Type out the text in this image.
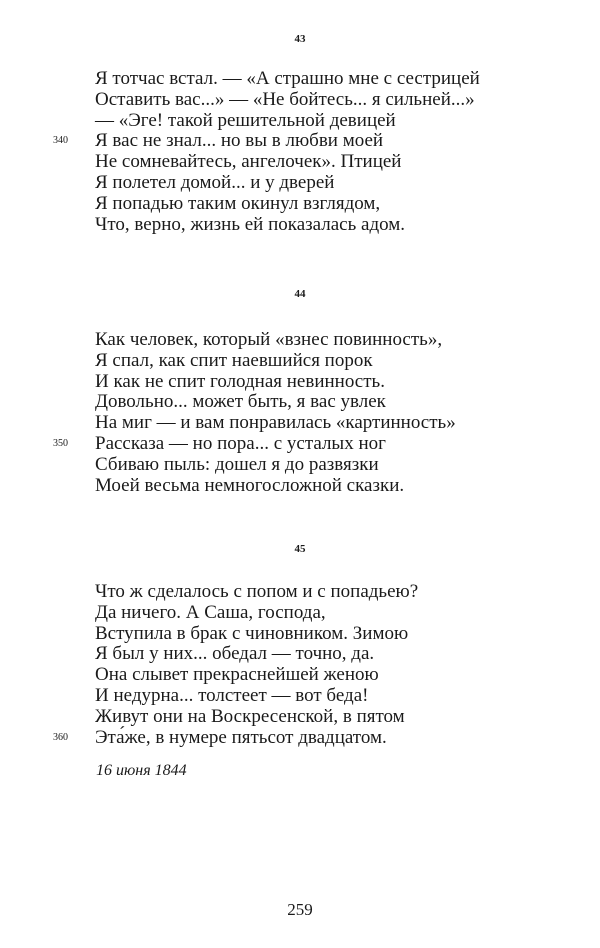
43
Я тотчас встал. — «А страшно мне с сестрицей
Оставить вас...» — «Не бойтесь... я сильней...»
— «Эге! такой решительной девицей
Я вас не знал... но вы в любви моей
340
Не сомневайтесь, ангелочек». Птицей
Я полетел домой... и у дверей
Я попадью таким окинул взглядом,
Что, верно, жизнь ей показалась адом.
44
Как человек, который «взнес повинность»,
Я спал, как спит наевшийся порок
И как не спит голодная невинность.
Довольно... может быть, я вас увлек
На миг — и вам понравилась «картинность»
Рассказа — но пора... с усталых ног
350
Сбиваю пыль: дошел я до развязки
Моей весьма немногосложной сказки.
45
Что ж сделалось с попом и с попадьею?
Да ничего. А Саша, господа,
Вступила в брак с чиновником. Зимою
Я был у них... обедал — точно, да.
Она слывет прекраснейшей женою
И недурна... толстеет — вот беда!
Живут они на Воскресенской, в пятом
Эта́же, в нумере пятьсот двадцатом.
360
16 июня 1844
259
